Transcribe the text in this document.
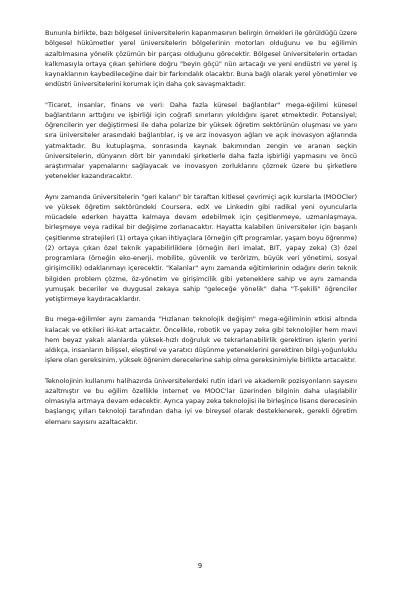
Bununla birlikte, bazı bölgesel üniversitelerin kapanmasının belirgin örnekleri ile görüldüğü üzere bölgesel hükümetler yerel üniversitelerin bölgelerinin motorları olduğunu ve bu eğilimin azaltılmasına yönelik çözümün bir parçası olduğunu görecektir. Bölgesel üniversitelerin ortadan kalkmasıyla ortaya çıkan şehirlere doğru "beyin göçü" nün artacağı ve yeni endüstri ve yerel iş kaynaklarının kaybedileceğine dair bir farkındalık olacaktır. Buna bağlı olarak yerel yönetimler ve endüstri üniversitelerini korumak için daha çok savaşmaktadır.

"Ticaret, insanlar, finans ve veri: Daha fazla küresel bağlantılar" mega-eğilimi küresel bağlantıların arttığını ve işbirliği için coğrafi sınırların yıkıldığını işaret etmektedir. Potansiyel; öğrencilerin yer değiştirmesi ile daha polarize bir yüksek öğretim sektörünün oluşması ve yanı sıra üniversiteler arasındaki bağlantılar, iş ve arz inovasyon ağları ve açık inovasyon ağlarında yatmaktadır. Bu kutuplaşma, sonrasında kaynak bakımından zengin ve aranan seçkin üniversitelerin, dünyanın dört bir yanındaki şirketlerle daha fazla işbirliği yapmasını ve öncü araştırmalar yapmalarını sağlayacak ve inovasyon zorluklarını çözmek üzere bu şirketlere yetenekler kazandıracaktır.

Aynı zamanda üniversitelerin "geri kalanı" bir taraftan kitlesel çevrimiçi açık kurslarla (MOOCler) ve yüksek öğretim sektöründeki Coursera, edX ve LinkedIn gibi radikal yeni oyuncularla mücadele ederken hayatta kalmaya devam edebilmek için çeşitlenmeye, uzmanlaşmaya, birleşmeye veya radikal bir değişime zorlanacaktır. Hayatta kalabilen üniversiteler için başarılı çeşitlenme stratejileri (1) ortaya çıkan ihtiyaçlara (örneğin çift programlar, yaşam boyu öğrenme) (2) ortaya çıkan özel teknik yapabilirliklere (örneğin ileri imalat, BIT, yapay zeka) (3) özel programlara (örneğin eko-enerji, mobilite, güvenlik ve terörizm, büyük veri yönetimi, sosyal girişimcilik) odaklanmayı içerecektir. "Kalanlar" aynı zamanda eğitimlerinin odağını derin teknik bilgiden problem çözme, öz-yönetim ve girişimcilik gibi yeteneklere sahip ve aynı zamanda yumuşak beceriler ve duygusal zekaya sahip "geleceğe yönelik" daha "T-şekilli" öğrenciler yetiştirmeye kaydıracaklardır.

Bu mega-eğilimler aynı zamanda "Hızlanan teknolojik değişim" mega-eğiliminin etkisi altında kalacak ve etkileri iki-kat artacaktır. Öncelikle, robotik ve yapay zeka gibi teknolojiler hem mavi hem beyaz yakalı alanlarda yüksek-hızlı doğruluk ve tekrarlanabilirlik gerektiren işlerin yerini aldıkça, insanların bilişsel, eleştirel ve yaratıcı düşünme yeteneklerini gerektiren bilgi-yoğunluklu işlere olan gereksinim, yüksek öğrenim derecelerine sahip olma gereksinimiyle birlikte artacaktır.

Teknolojinin kullanımı halihazırda üniversitelerdeki rutin idari ve akademik pozisyonların sayısını azaltmıştır ve bu eğilim özellikle internet ve MOOC'lar üzerinden bilginin daha ulaşılabilir olmasıyla artmaya devam edecektir. Ayrıca yapay zeka teknolojisi ile birleşince lisans derecesinin başlangıç yılları teknoloji tarafından daha iyi ve bireysel olarak desteklenerek, gerekli öğretim elemanı sayısını azaltacaktır.

9
